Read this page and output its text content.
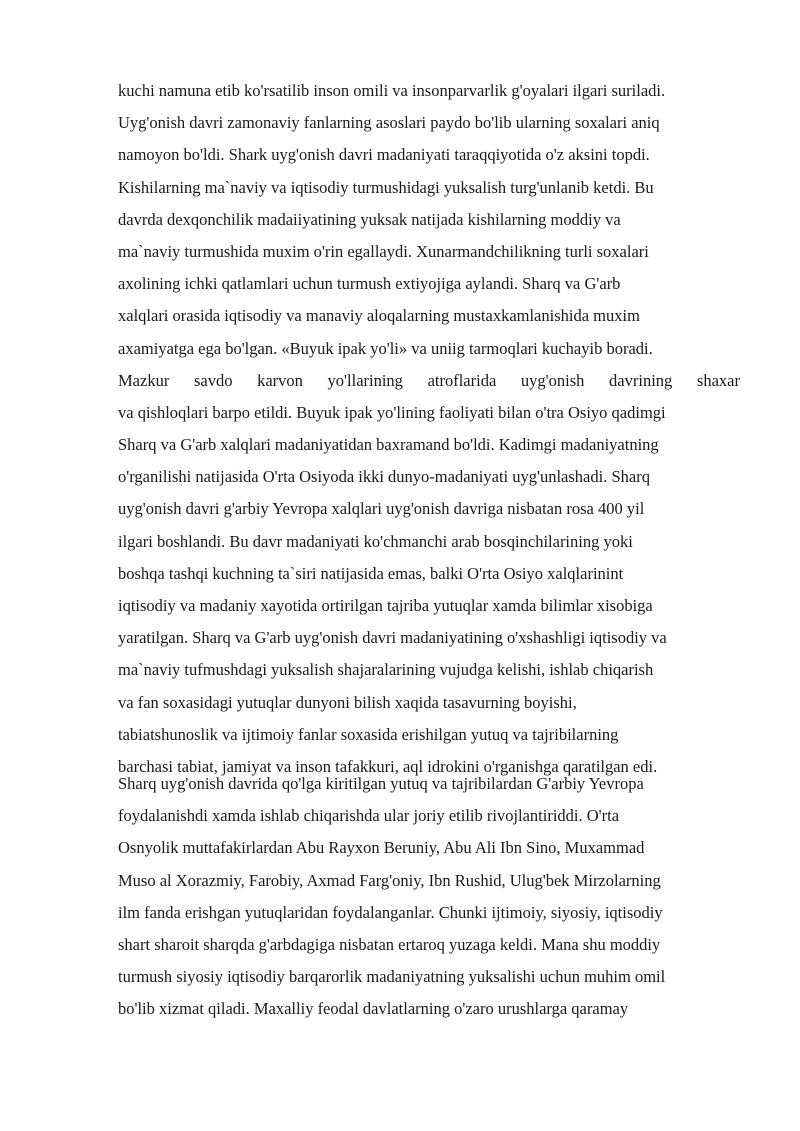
kuchi namuna etib ko'rsatilib inson omili va insonparvarlik g'oyalari ilgari suriladi.
Uyg'onish davri zamonaviy fanlarning asoslari paydo bo'lib ularning soxalari aniq
namoyon bo'ldi. Shark uyg'onish davri madaniyati taraqqiyotida o'z aksini topdi.
Kishilarning ma`naviy va iqtisodiy turmushidagi yuksalish turg'unlanib ketdi. Bu
davrda dexqonchilik madaiiyatining yuksak natijada kishilarning moddiy va
ma`naviy turmushida muxim o'rin egallaydi. Xunarmandchilikning turli soxalari
axolining ichki qatlamlari uchun turmush extiyojiga aylandi. Sharq va G'arb
xalqlari orasida iqtisodiy va manaviy aloqalarning mustaxkamlanishida muxim
axamiyatga ega bo'lgan. «Buyuk ipak yo'li» va uniig tarmoqlari kuchayib boradi.
Mazkur savdo karvon yo'llarining atroflarida uyg'onish davrining shaxar
va qishloqlari barpo etildi. Buyuk ipak yo'lining faoliyati bilan o'tra Osiyo qadimgi
Sharq va G'arb xalqlari madaniyatidan baxramand bo'ldi. Kadimgi madaniyatning
o'rganilishi natijasida O'rta Osiyoda ikki dunyo-madaniyati uyg'unlashadi. Sharq
uyg'onish davri g'arbiy Yevropa xalqlari uyg'onish davriga nisbatan rosa 400 yil
ilgari boshlandi. Bu davr madaniyati ko'chmanchi arab bosqinchilarining yoki
boshqa tashqi kuchning ta`siri natijasida emas, balki O'rta Osiyo xalqlarinint
iqtisodiy va madaniy xayotida ortirilgan tajriba yutuqlar xamda bilimlar xisobiga
yaratilgan. Sharq va G'arb uyg'onish davri madaniyatining o'xshashligi iqtisodiy va
ma`naviy tufmushdagi yuksalish shajaralarining vujudga kelishi, ishlab chiqarish
va fan soxasidagi yutuqlar dunyoni bilish xaqida tasavurning boyishi,
tabiatshunoslik va ijtimoiy fanlar soxasida erishilgan yutuq va tajribilarning
barchasi tabiat, jamiyat va inson tafakkuri, aql idrokini o'rganishga qaratilgan edi.
Sharq uyg'onish davrida qo'lga kiritilgan yutuq va tajribilardan G'arbiy Yevropa
foydalanishdi xamda ishlab chiqarishda ular joriy etilib rivojlantiriddi. O'rta
Osnyolik muttafakirlardan Abu Rayxon Beruniy, Abu Ali Ibn Sino, Muxammad
Muso al Xorazmiy, Farobiy, Axmad Farg'oniy, Ibn Rushid, Ulug'bek Mirzolarning
ilm fanda erishgan yutuqlaridan foydalanganlar. Chunki ijtimoiy, siyosiy, iqtisodiy
shart sharoit sharqda g'arbdagiga nisbatan ertaroq yuzaga keldi. Mana shu moddiy
turmush siyosiy iqtisodiy barqarorlik madaniyatning yuksalishi uchun muhim omil
bo'lib xizmat qiladi. Maxalliy feodal davlatlarning o'zaro urushlarga qaramay
